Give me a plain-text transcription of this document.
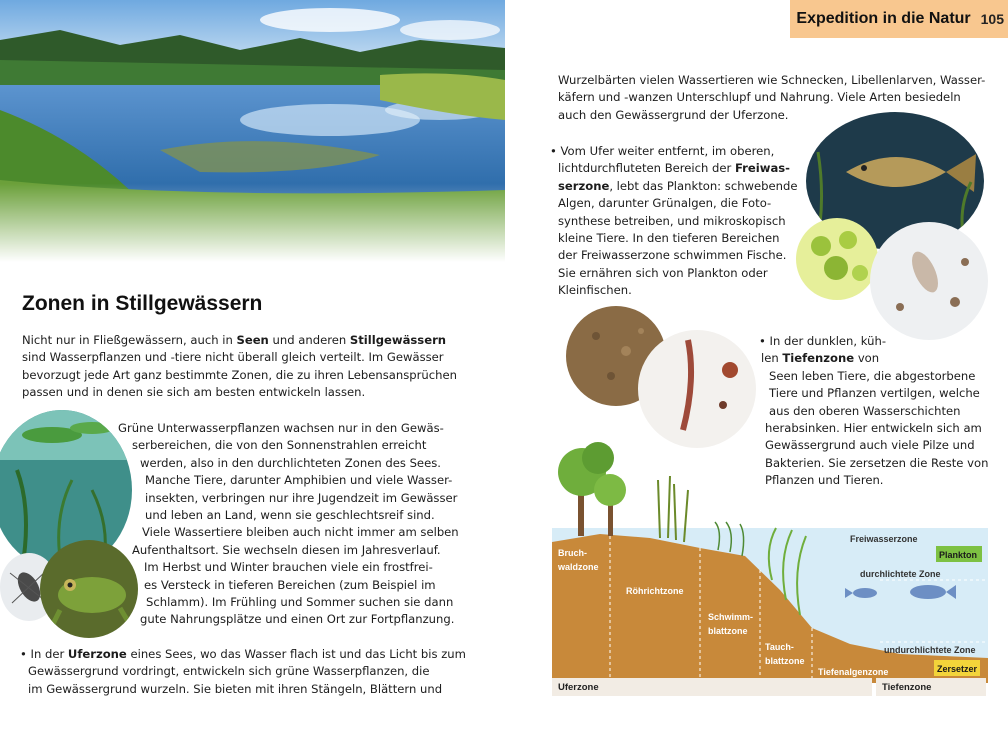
Expedition in die Natur 105
Zonen in Stillgewässern
Nicht nur in Fließgewässern, auch in Seen und anderen Stillgewässern
sind Wasserpflanzen und -tiere nicht überall gleich verteilt. Im Gewässer
bevorzugt jede Art ganz bestimmte Zonen, die zu ihren Lebensansprüchen
passen und in denen sie sich am besten entwickeln lassen.
Grüne Unterwasserpflanzen wachsen nur in den Gewäs-
serbereichen, die von den Sonnenstrahlen erreicht
werden, also in den durchlichteten Zonen des Sees.
Manche Tiere, darunter Amphibien und viele Wasser-
insekten, verbringen nur ihre Jugendzeit im Gewässer
und leben an Land, wenn sie geschlechtsreif sind.
Viele Wassertiere bleiben auch nicht immer am selben
Aufenthaltsort. Sie wechseln diesen im Jahresverlauf.
Im Herbst und Winter brauchen viele ein frostfrei-
es Versteck in tieferen Bereichen (zum Beispiel im
Schlamm). Im Frühling und Sommer suchen sie dann
gute Nahrungsplätze und einen Ort zur Fortpflanzung.
• In der Uferzone eines Sees, wo das Wasser flach ist und das Licht bis zum
Gewässergrund vordringt, entwickeln sich grüne Wasserpflanzen, die
im Gewässergrund wurzeln. Sie bieten mit ihren Stängeln, Blättern und
Wurzelbärten vielen Wassertieren wie Schnecken, Libellenlarven, Wasser-
käfern und -wanzen Unterschlupf und Nahrung. Viele Arten besiedeln
auch den Gewässergrund der Uferzone.
• Vom Ufer weiter entfernt, im oberen,
lichtdurchfluteten Bereich der Freiwas-
serzone, lebt das Plankton: schwebende
Algen, darunter Grünalgen, die Foto-
synthese betreiben, und mikroskopisch
kleine Tiere. In den tieferen Bereichen
der Freiwasserzone schwimmen Fische.
Sie ernähren sich von Plankton oder
Kleinfischen.
• In der dunklen, küh-
len Tiefenzone von
Seen leben Tiere, die abgestorbene
Tiere und Pflanzen vertilgen, welche
aus den oberen Wasserschichten
herabsinken. Hier entwickeln sich am
Gewässergrund auch viele Pilze und
Bakterien. Sie zersetzen die Reste von
Pflanzen und Tieren.
Bruch-
waldzone
Röhrichtzone
Schwimm-
blattzone
Tauch-
blattzone
Tiefenalgenzone
Freiwasserzone
Plankton
durchlichtete Zone
undurchlichtete Zone
Zersetzer
Uferzone	Tiefenzone
